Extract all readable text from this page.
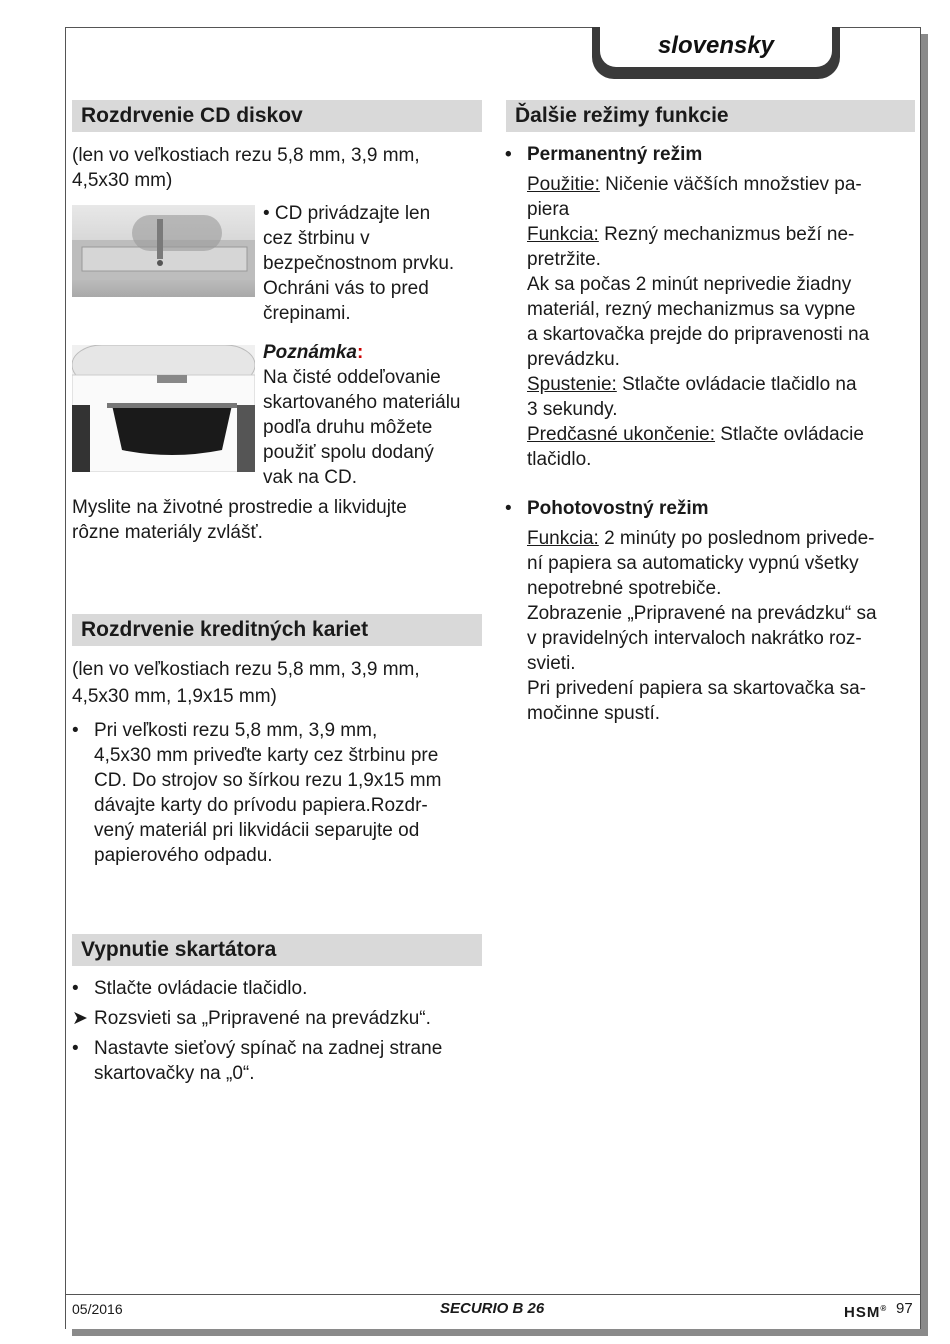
slovensky
Rozdrvenie CD diskov
(len vo veľkostiach rezu 5,8 mm, 3,9 mm, 4,5x30 mm)
• CD privádzajte len
cez štrbinu v
bezpečnostnom prvku.
Ochráni vás to pred
črepinami.
Poznámka:
Na čisté oddeľovanie
skartovaného materiálu
podľa druhu môžete
použiť spolu dodaný
vak na CD.
Myslite na životné prostredie a likvidujte
rôzne materiály zvlášť.
Rozdrvenie kreditných kariet
(len vo veľkostiach rezu 5,8 mm, 3,9 mm,
4,5x30 mm, 1,9x15 mm)
• Pri veľkosti rezu 5,8 mm, 3,9 mm,
4,5x30 mm priveďte karty cez štrbinu pre
CD. Do strojov so šírkou rezu 1,9x15 mm
dávajte karty do prívodu papiera.Rozdr-
vený materiál pri likvidácii separujte od
papierového odpadu.
Vypnutie skartátora
• Stlačte ovládacie tlačidlo.
➤ Rozsvieti sa „Pripravené na prevádzku“.
• Nastavte sieťový spínač na zadnej strane
skartovačky na „0“.
Ďalšie režimy funkcie
• Permanentný režim
Použitie: Ničenie väčších množstiev pa-
piera
Funkcia: Rezný mechanizmus beží ne-
pretržite.
Ak sa počas 2 minút neprivedie žiadny
materiál, rezný mechanizmus sa vypne
a skartovačka prejde do pripravenosti na
prevádzku.
Spustenie: Stlačte ovládacie tlačidlo na
3 sekundy.
Predčasné ukončenie: Stlačte ovládacie
tlačidlo.
• Pohotovostný režim
Funkcia: 2 minúty po poslednom privede-
ní papiera sa automaticky vypnú všetky
nepotrebné spotrebiče.
Zobrazenie „Pripravené na prevádzku“ sa
v pravidelných intervaloch nakrátko roz-
svieti.
Pri privedení papiera sa skartovačka sa-
močinne spustí.
05/2016	SECURIO B 26	HSM® 97
